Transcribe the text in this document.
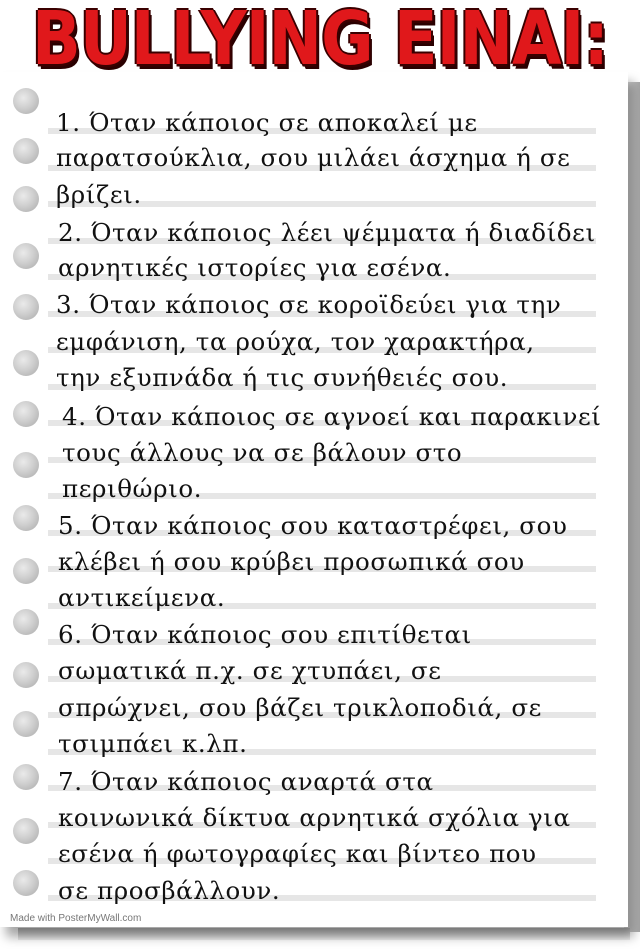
BULLYING ΕΙΝΑΙ:
1. Όταν κάποιος σε αποκαλεί με
παρατσούκλια, σου μιλάει άσχημα ή σε
βρίζει.
2. Όταν κάποιος λέει ψέμματα ή διαδίδει
αρνητικές ιστορίες για εσένα.
3. Όταν κάποιος σε κοροϊδεύει για την
εμφάνιση, τα ρούχα, τον χαρακτήρα,
την εξυπνάδα ή τις συνήθειές σου.
4. Όταν κάποιος σε αγνοεί και παρακινεί
τους άλλους να σε βάλουν στο
περιθώριο.
5. Όταν κάποιος σου καταστρέφει, σου
κλέβει ή σου κρύβει προσωπικά σου
αντικείμενα.
6. Όταν κάποιος σου επιτίθεται
σωματικά π.χ. σε χτυπάει, σε
σπρώχνει, σου βάζει τρικλοποδιά, σε
τσιμπάει κ.λπ.
7. Όταν κάποιος αναρτά στα
κοινωνικά δίκτυα αρνητικά σχόλια για
εσένα ή φωτογραφίες και βίντεο που
σε προσβάλλουν.
Made with PosterMyWall.com
